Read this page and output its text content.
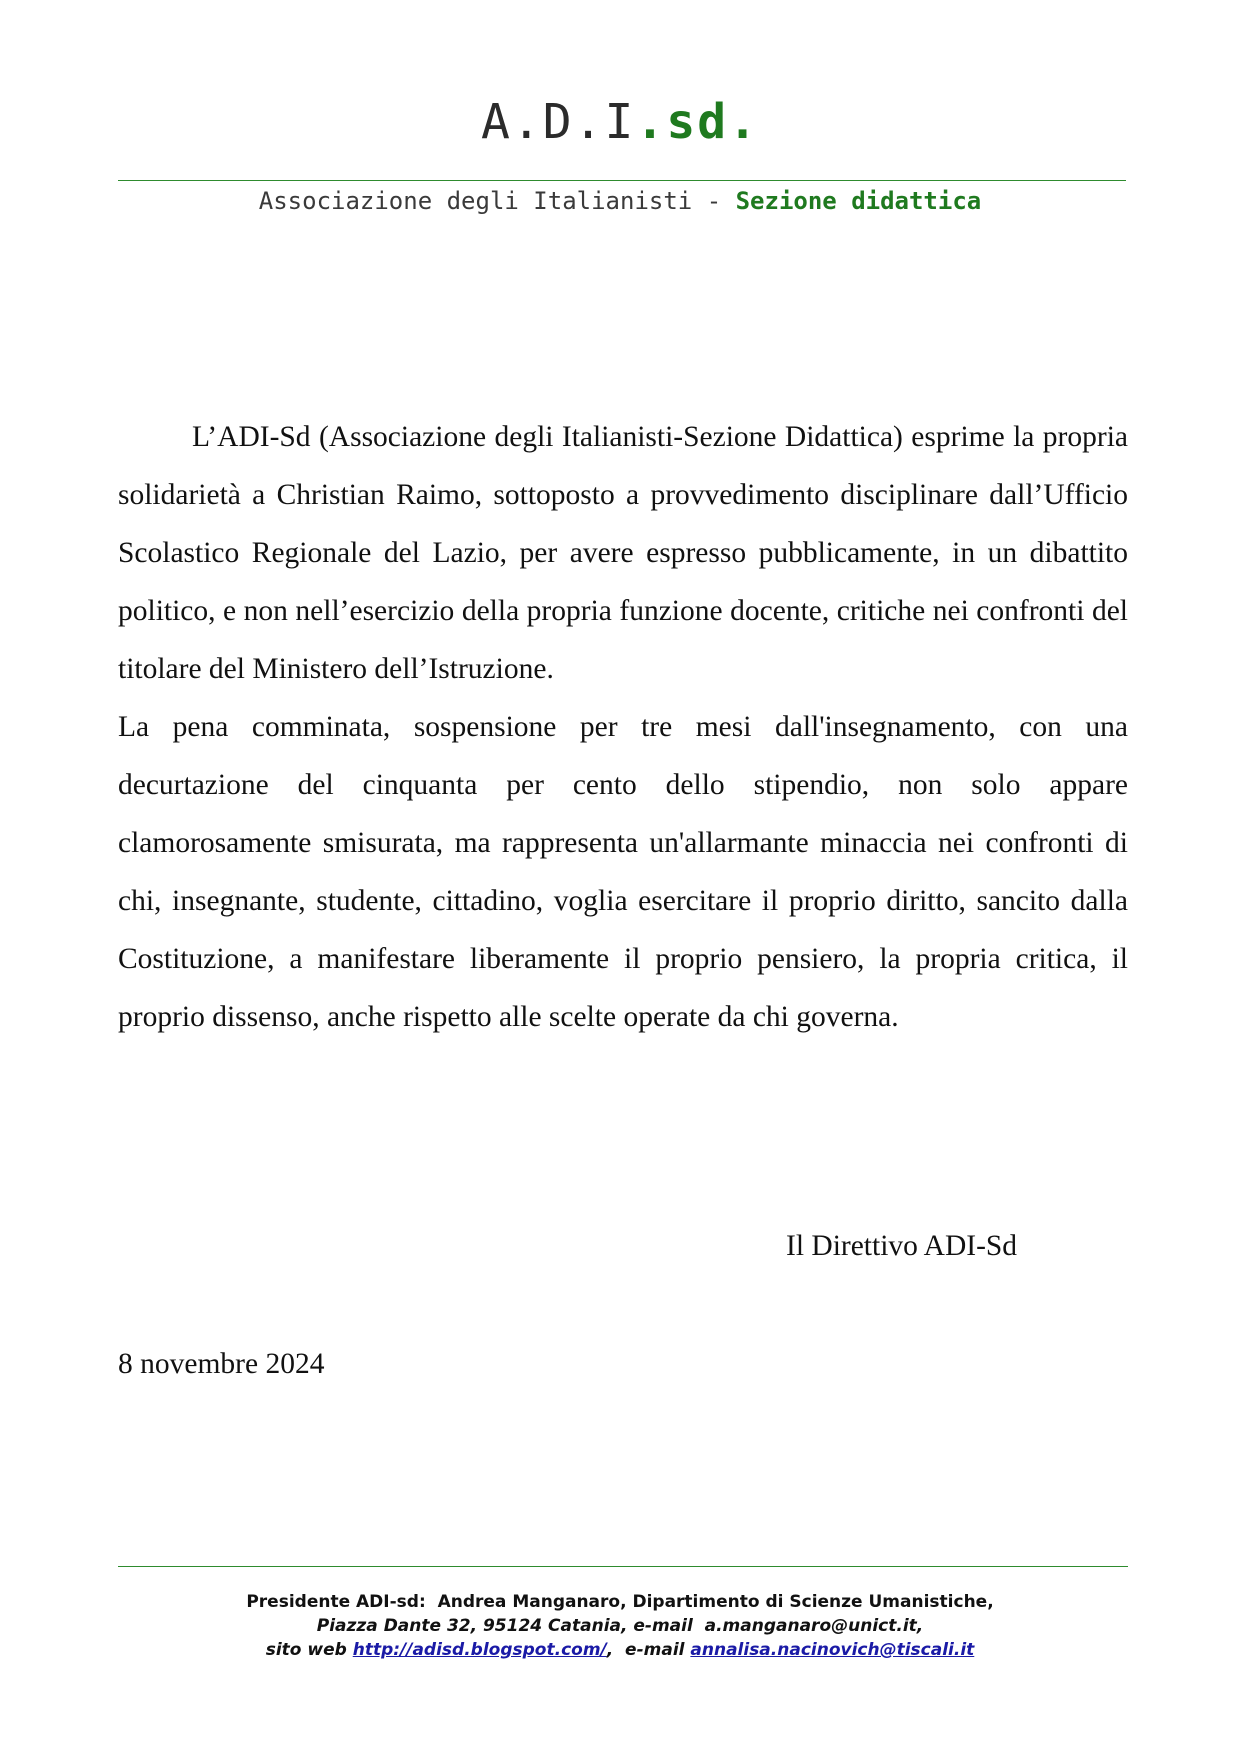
A.D.I.sd.
Associazione degli Italianisti - Sezione didattica

L’ADI-Sd (Associazione degli Italianisti-Sezione Didattica) esprime la propria solidarietà a Christian Raimo, sottoposto a provvedimento disciplinare dall’Ufficio Scolastico Regionale del Lazio, per avere espresso pubblicamente, in un dibattito politico, e non nell’esercizio della propria funzione docente, critiche nei confronti del titolare del Ministero dell’Istruzione.

La pena comminata, sospensione per tre mesi dall'insegnamento, con una decurtazione del cinquanta per cento dello stipendio, non solo appare clamorosamente smisurata, ma rappresenta un'allarmante minaccia nei confronti di chi, insegnante, studente, cittadino, voglia esercitare il proprio diritto, sancito dalla Costituzione, a manifestare liberamente il proprio pensiero, la propria critica, il proprio dissenso, anche rispetto alle scelte operate da chi governa.

Il Direttivo ADI-Sd
8 novembre 2024
Presidente ADI-sd:  Andrea Manganaro, Dipartimento di Scienze Umanistiche,
Piazza Dante 32, 95124 Catania, e-mail  a.manganaro@unict.it,
sito web http://adisd.blogspot.com/,  e-mail annalisa.nacinovich@tiscali.it
